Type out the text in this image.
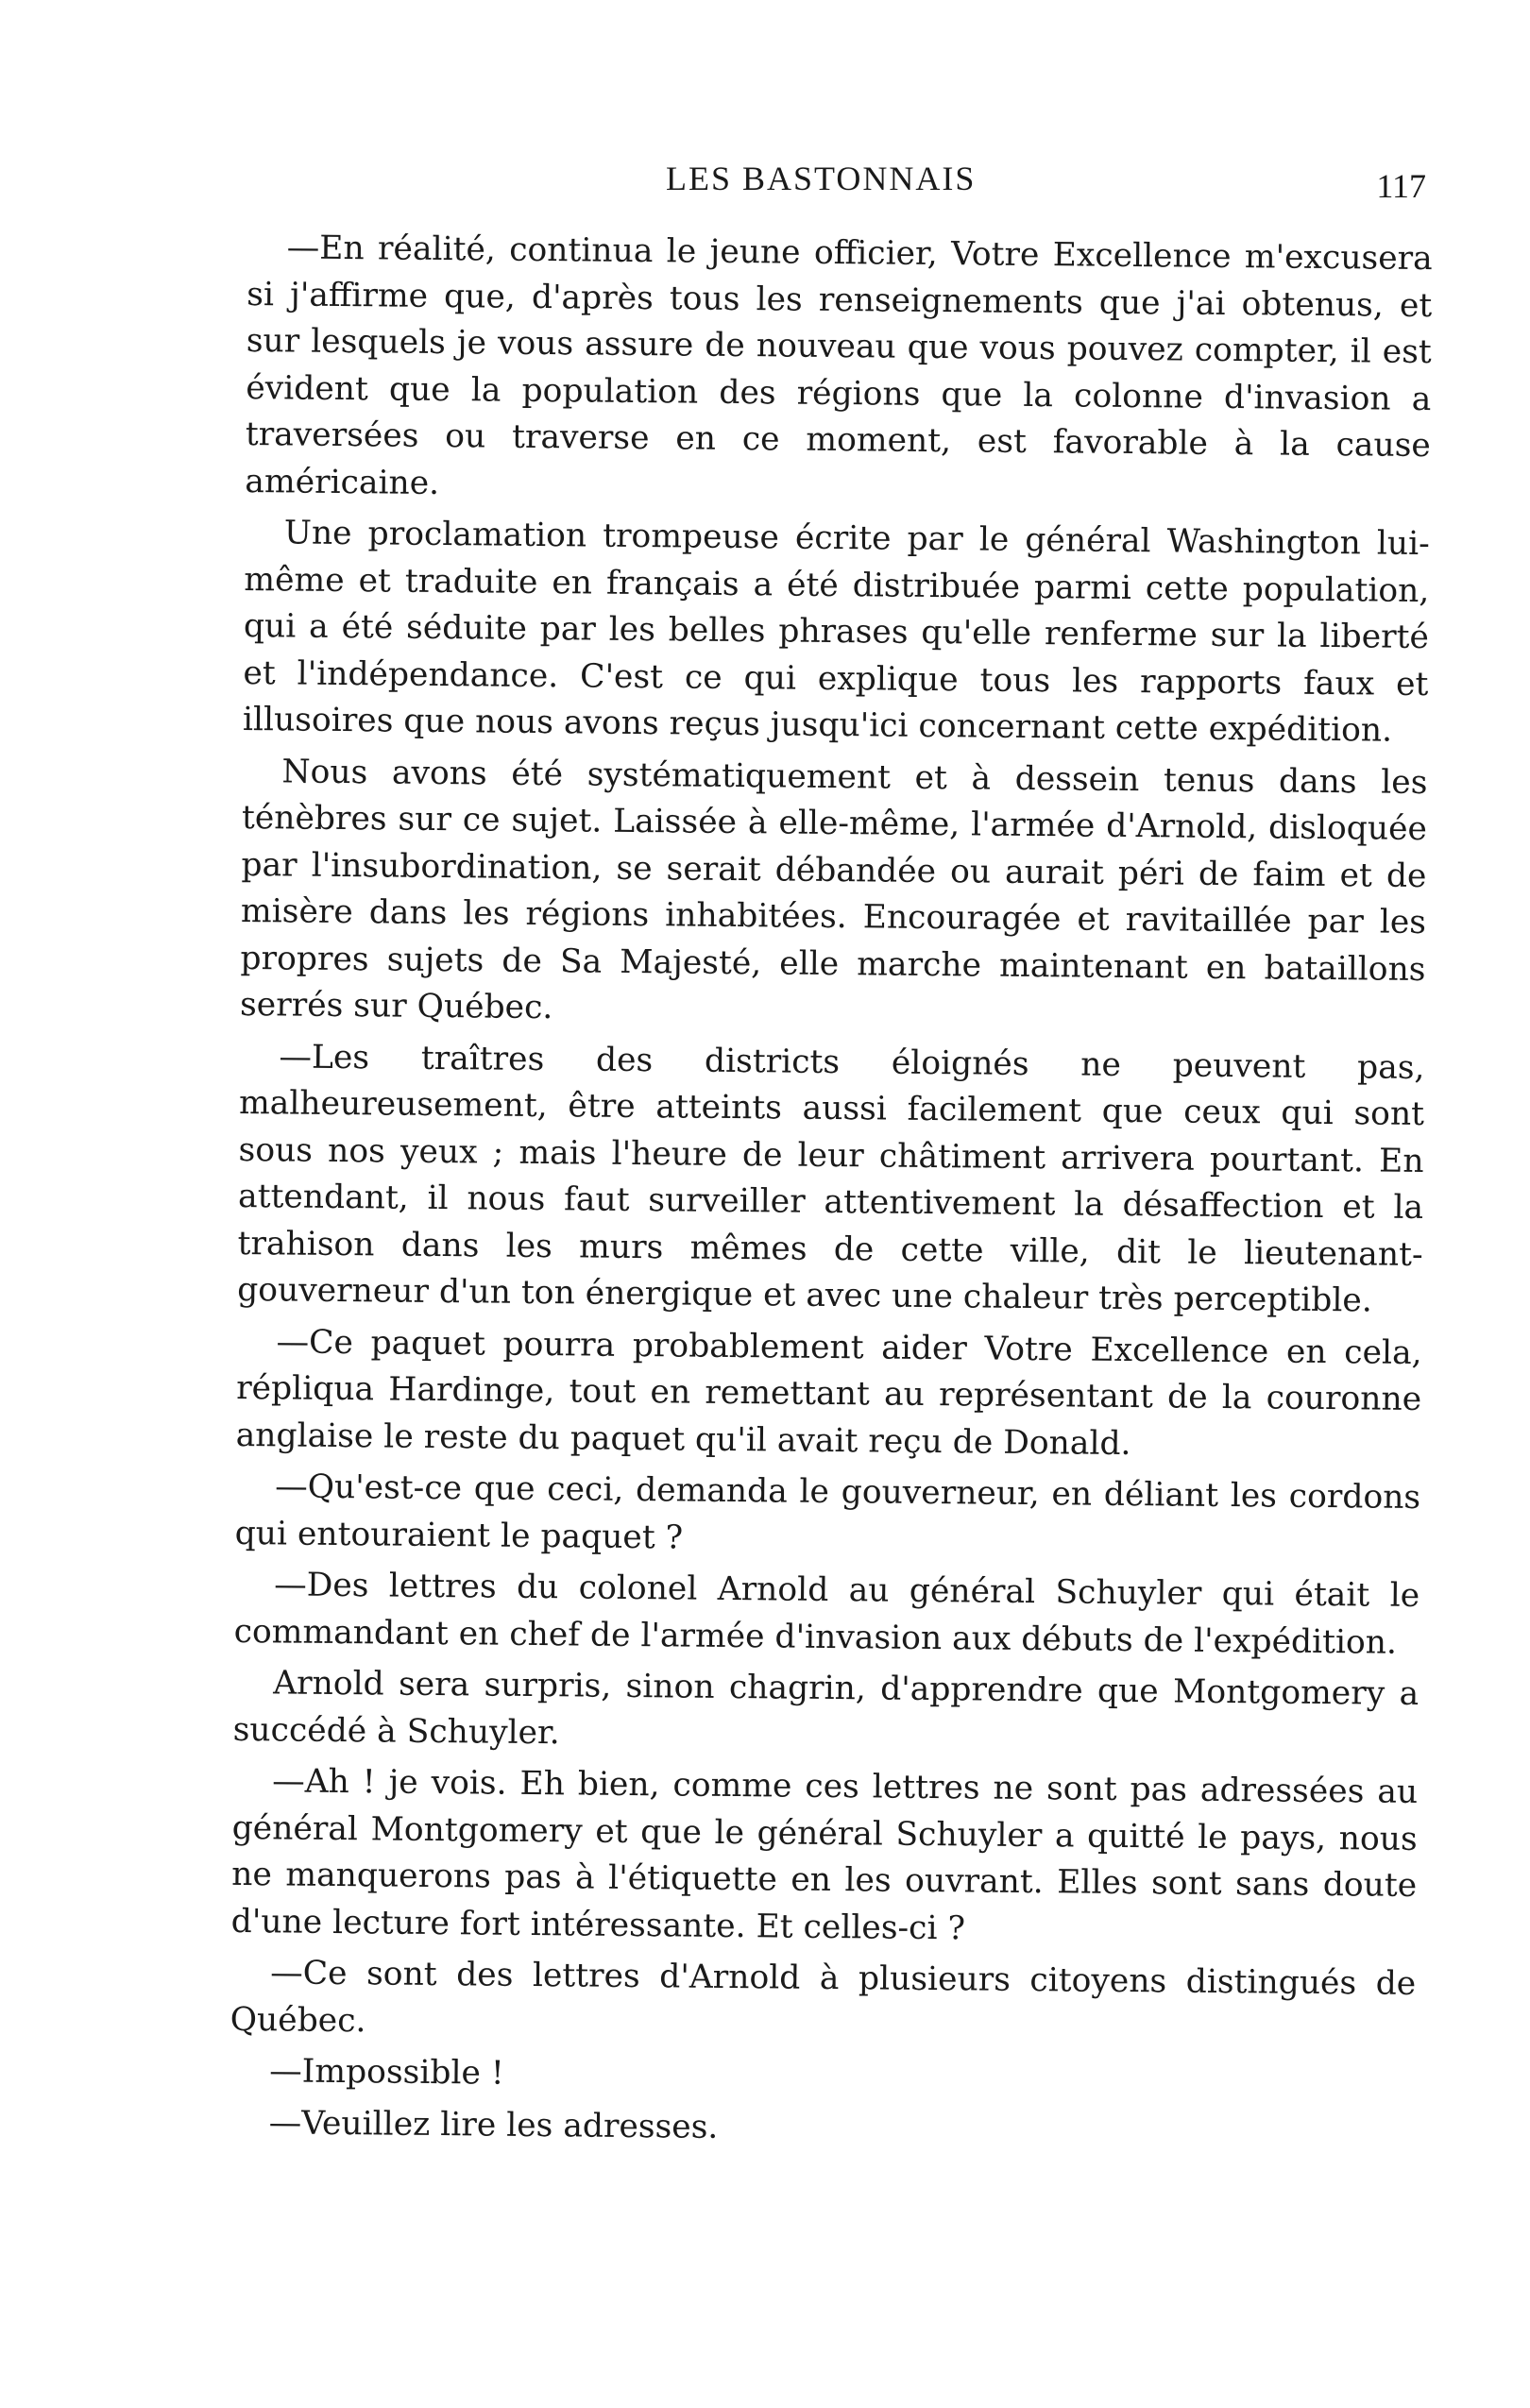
LES BASTONNAIS	117

—En réalité, continua le jeune officier, Votre Excellence m'excusera si j'affirme que, d'après tous les renseignements que j'ai obtenus, et sur lesquels je vous assure de nouveau que vous pouvez compter, il est évident que la population des régions que la colonne d'invasion a traversées ou traverse en ce moment, est favorable à la cause américaine.

Une proclamation trompeuse écrite par le général Washington lui-même et traduite en français a été distribuée parmi cette population, qui a été séduite par les belles phrases qu'elle renferme sur la liberté et l'indépendance. C'est ce qui explique tous les rapports faux et illusoires que nous avons reçus jusqu'ici concernant cette expédition.

Nous avons été systématiquement et à dessein tenus dans les ténèbres sur ce sujet. Laissée à elle-même, l'armée d'Arnold, disloquée par l'insubordination, se serait débandée ou aurait péri de faim et de misère dans les régions inhabitées. Encouragée et ravitaillée par les propres sujets de Sa Majesté, elle marche maintenant en bataillons serrés sur Québec.

—Les traîtres des districts éloignés ne peuvent pas, malheureusement, être atteints aussi facilement que ceux qui sont sous nos yeux ; mais l'heure de leur châtiment arrivera pourtant. En attendant, il nous faut surveiller attentivement la désaffection et la trahison dans les murs mêmes de cette ville, dit le lieutenant-gouverneur d'un ton énergique et avec une chaleur très perceptible.

—Ce paquet pourra probablement aider Votre Excellence en cela, répliqua Hardinge, tout en remettant au représentant de la couronne anglaise le reste du paquet qu'il avait reçu de Donald.

—Qu'est-ce que ceci, demanda le gouverneur, en déliant les cordons qui entouraient le paquet ?

—Des lettres du colonel Arnold au général Schuyler qui était le commandant en chef de l'armée d'invasion aux débuts de l'expédition.

Arnold sera surpris, sinon chagrin, d'apprendre que Montgomery a succédé à Schuyler.

—Ah ! je vois. Eh bien, comme ces lettres ne sont pas adressées au général Montgomery et que le général Schuyler a quitté le pays, nous ne manquerons pas à l'étiquette en les ouvrant. Elles sont sans doute d'une lecture fort intéressante. Et celles-ci ?

—Ce sont des lettres d'Arnold à plusieurs citoyens distingués de Québec.

—Impossible !

—Veuillez lire les adresses.
